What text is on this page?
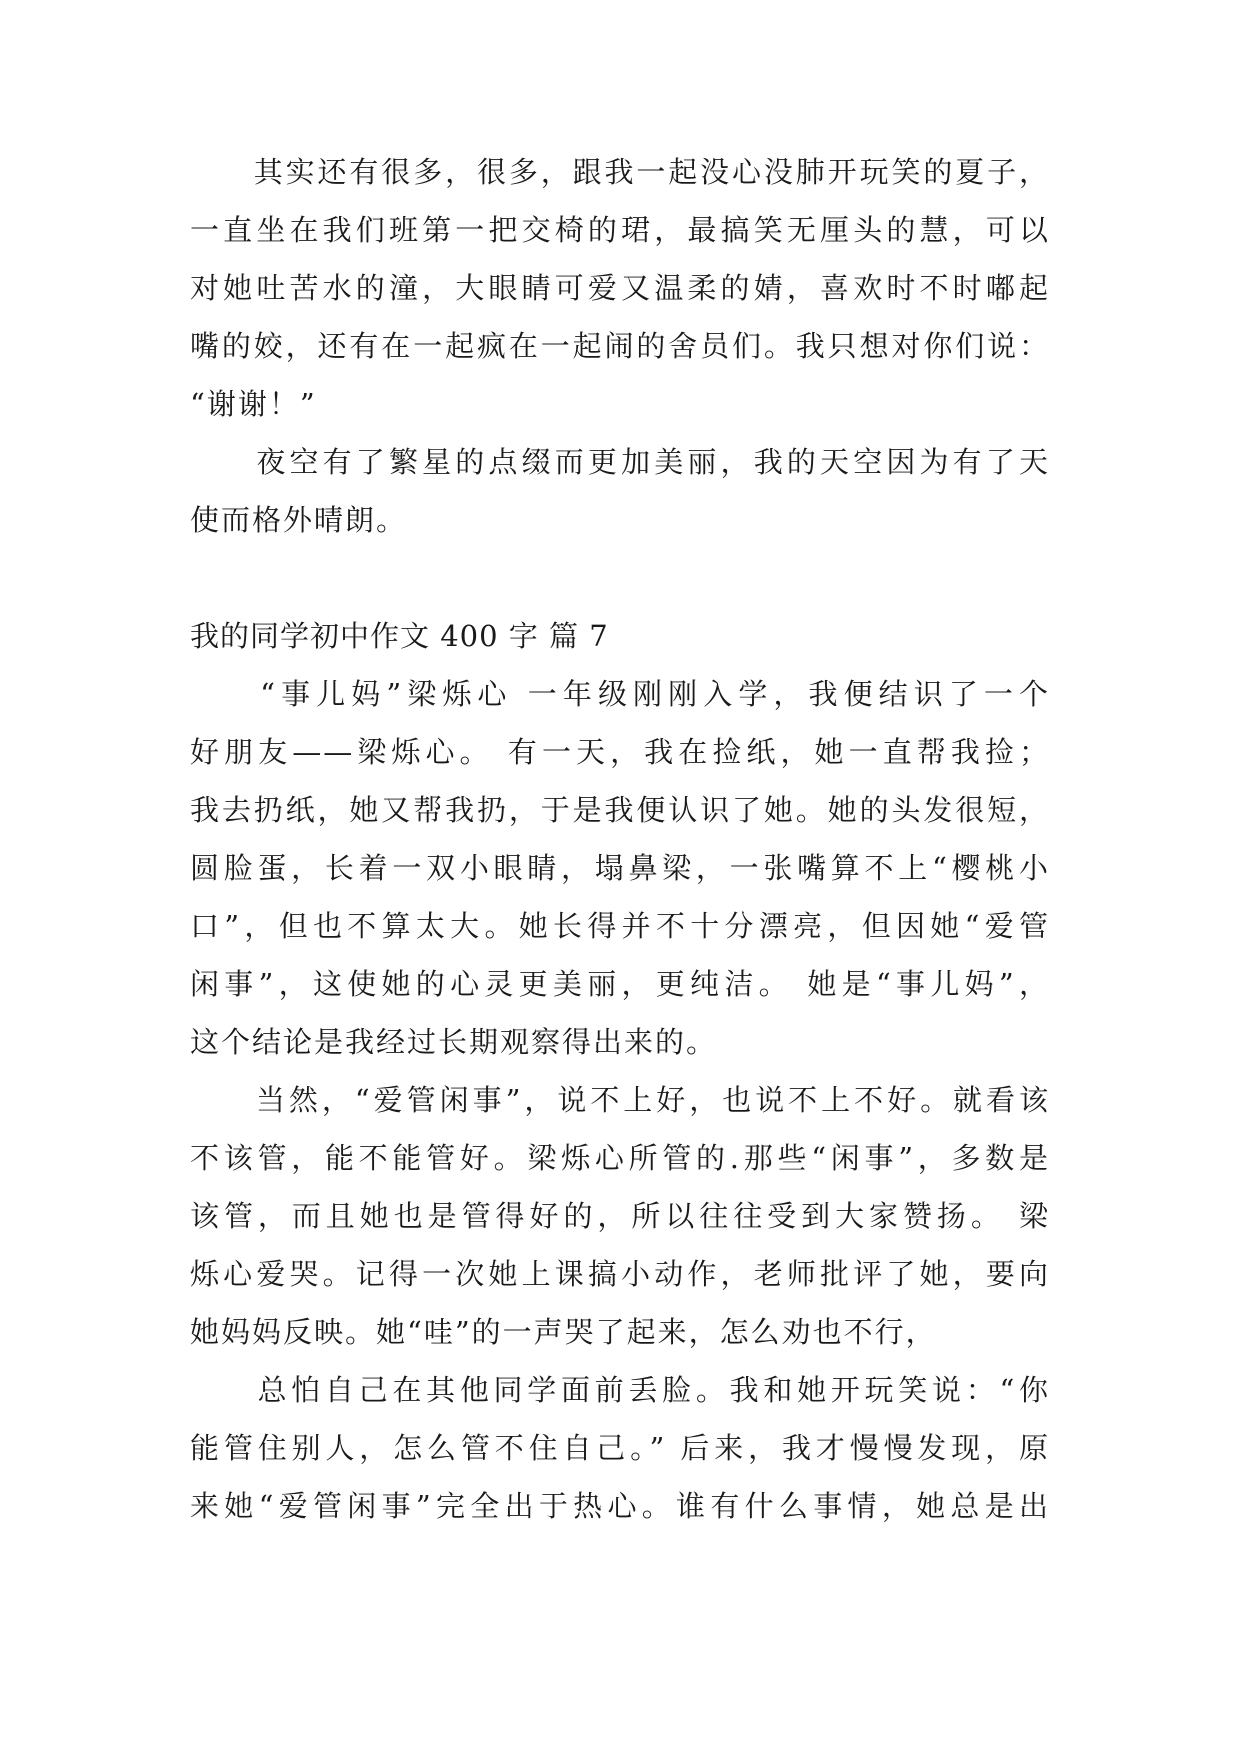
　　其实还有很多，很多，跟我一起没心没肺开玩笑的夏子，
一直坐在我们班第一把交椅的珺，最搞笑无厘头的慧，可以
对她吐苦水的潼，大眼睛可爱又温柔的婧，喜欢时不时嘟起
嘴的姣，还有在一起疯在一起闹的舍员们。我只想对你们说：
“谢谢！”
　　夜空有了繁星的点缀而更加美丽，我的天空因为有了天
使而格外晴朗。
我的同学初中作文 400 字 篇 7
　　“事儿妈”梁烁心 一年级刚刚入学，我便结识了一个
好朋友——梁烁心。 有一天，我在捡纸，她一直帮我捡；
我去扔纸，她又帮我扔，于是我便认识了她。她的头发很短，
圆脸蛋，长着一双小眼睛，塌鼻梁，一张嘴算不上“樱桃小
口”，但也不算太大。她长得并不十分漂亮，但因她“爱管
闲事”，这使她的心灵更美丽，更纯洁。 她是“事儿妈”，
这个结论是我经过长期观察得出来的。
　　当然，“爱管闲事”，说不上好，也说不上不好。就看该
不该管，能不能管好。梁烁心所管的.那些“闲事”，多数是
该管，而且她也是管得好的，所以往往受到大家赞扬。 梁
烁心爱哭。记得一次她上课搞小动作，老师批评了她，要向
她妈妈反映。她“哇”的一声哭了起来，怎么劝也不行，
　　总怕自己在其他同学面前丢脸。我和她开玩笑说：“你
能管住别人，怎么管不住自己。” 后来，我才慢慢发现，原
来她“爱管闲事”完全出于热心。谁有什么事情，她总是出
